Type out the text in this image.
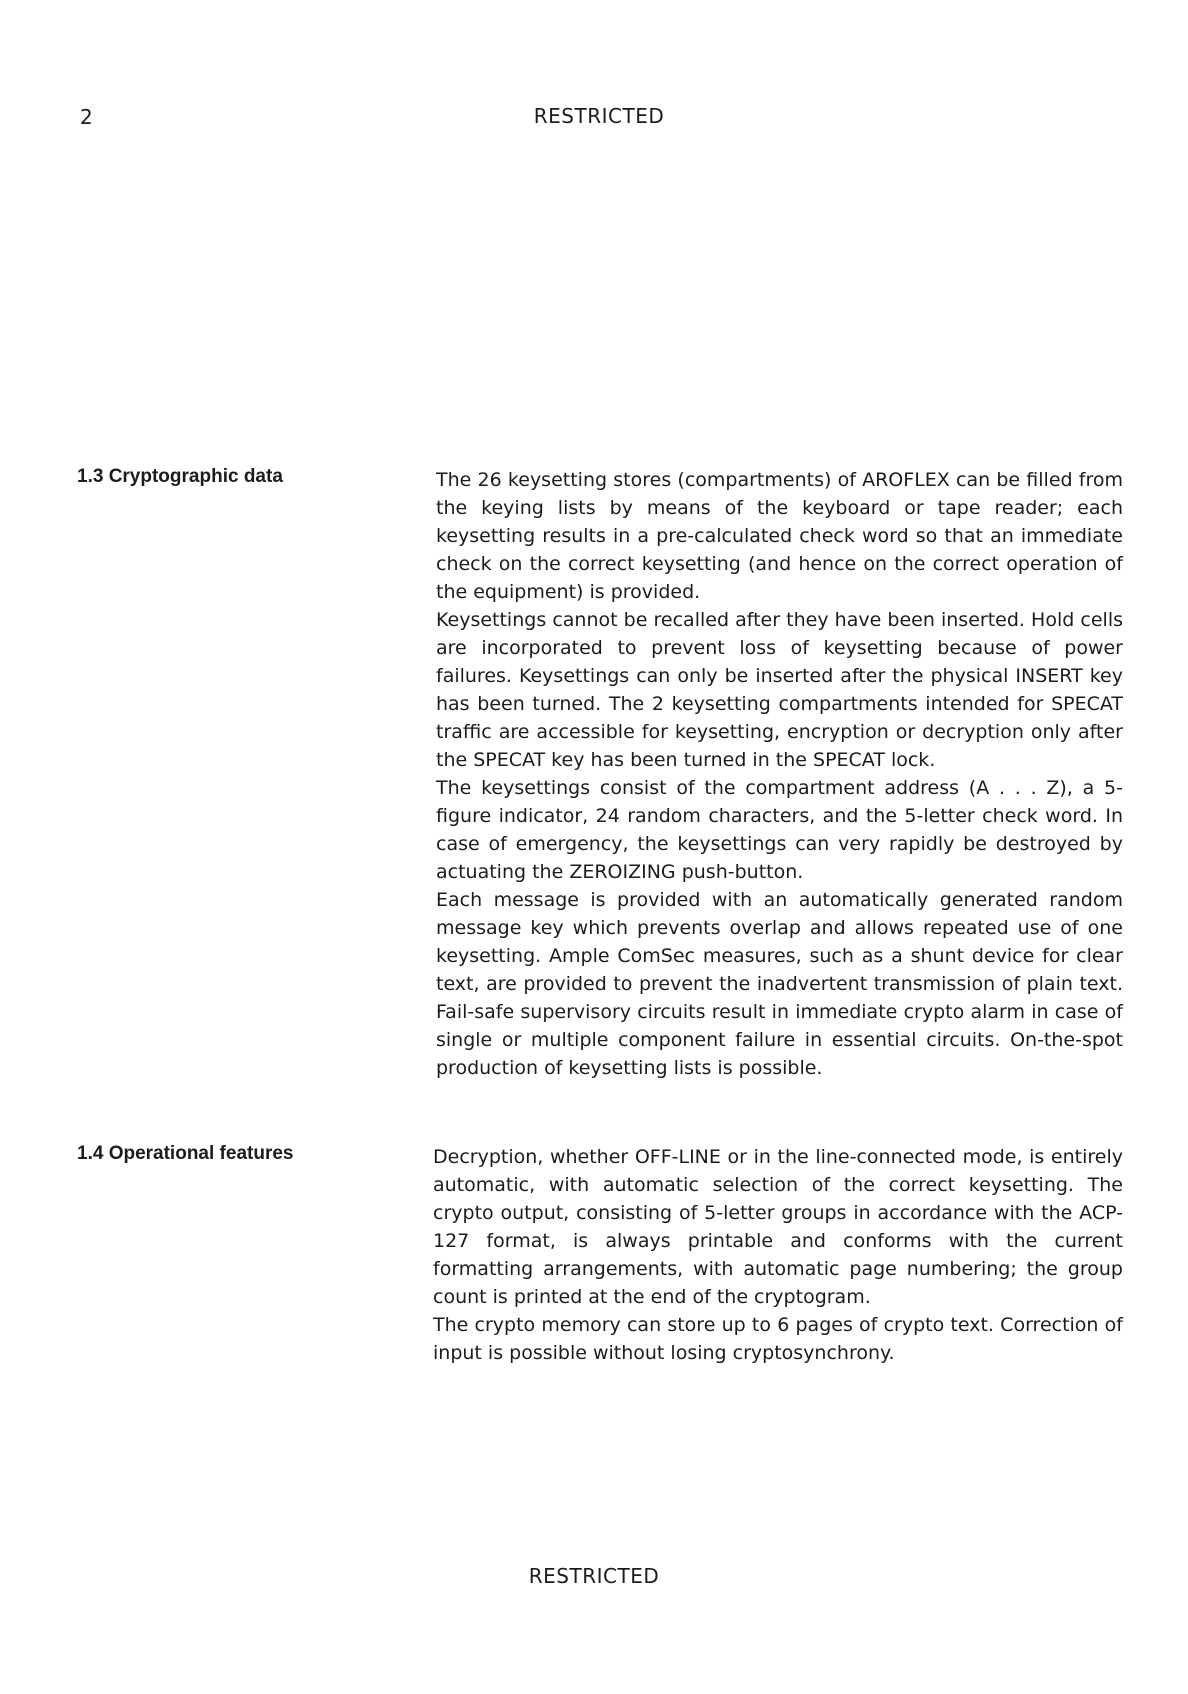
2	RESTRICTED
1.3 Cryptographic data	The 26 keysetting stores (compartments) of AROFLEX can be filled from the keying lists by means of the keyboard or tape reader; each keysetting results in a pre-calculated check word so that an immediate check on the correct keysetting (and hence on the correct operation of the equipment) is provided.

Keysettings cannot be recalled after they have been inserted. Hold cells are incorporated to prevent loss of keysetting because of power failures. Keysettings can only be inserted after the physical INSERT key has been turned. The 2 keysetting compartments intended for SPECAT traffic are accessible for keysetting, encryption or decryption only after the SPECAT key has been turned in the SPECAT lock.

The keysettings consist of the compartment address (A . . . Z), a 5-figure indicator, 24 random characters, and the 5-letter check word. In case of emergency, the keysettings can very rapidly be destroyed by actuating the ZEROIZING push-button.

Each message is provided with an automatically generated random message key which prevents overlap and allows repeated use of one keysetting. Ample ComSec measures, such as a shunt device for clear text, are provided to prevent the inadvertent transmission of plain text. Fail-safe supervisory circuits result in immediate crypto alarm in case of single or multiple component failure in essential circuits. On-the-spot production of keysetting lists is possible.

1.4 Operational features	Decryption, whether OFF-LINE or in the line-connected mode, is entirely automatic, with automatic selection of the correct keysetting. The crypto output, consisting of 5-letter groups in accordance with the ACP-127 format, is always printable and conforms with the current formatting arrangements, with automatic page numbering; the group count is printed at the end of the cryptogram.

The crypto memory can store up to 6 pages of crypto text. Correction of input is possible without losing cryptosynchrony.

RESTRICTED
